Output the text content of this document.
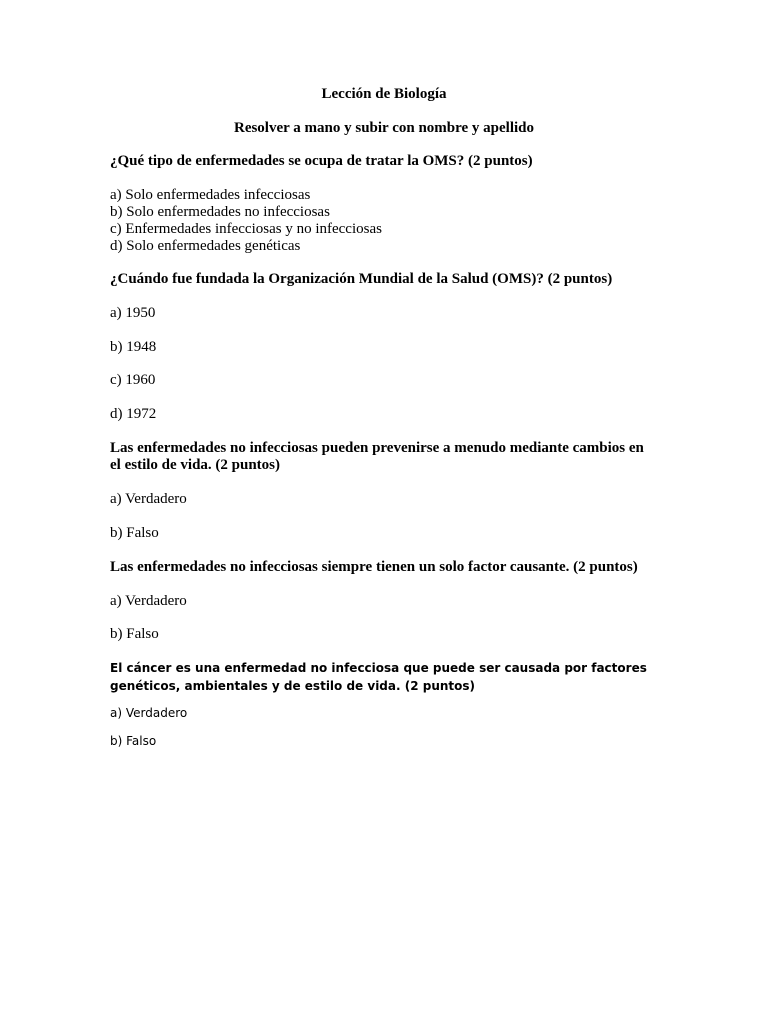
Lección de Biología
Resolver a mano y subir con nombre y apellido
¿Qué tipo de enfermedades se ocupa de tratar la OMS? (2 puntos)
a) Solo enfermedades infecciosas
b) Solo enfermedades no infecciosas
c) Enfermedades infecciosas y no infecciosas
d) Solo enfermedades genéticas
¿Cuándo fue fundada la Organización Mundial de la Salud (OMS)? (2 puntos)
a) 1950
b) 1948
c) 1960
d) 1972
Las enfermedades no infecciosas pueden prevenirse a menudo mediante cambios en el estilo de vida. (2 puntos)
a) Verdadero
b) Falso
Las enfermedades no infecciosas siempre tienen un solo factor causante. (2 puntos)
a) Verdadero
b) Falso
El cáncer es una enfermedad no infecciosa que puede ser causada por factores genéticos, ambientales y de estilo de vida. (2 puntos)
a) Verdadero
b) Falso
